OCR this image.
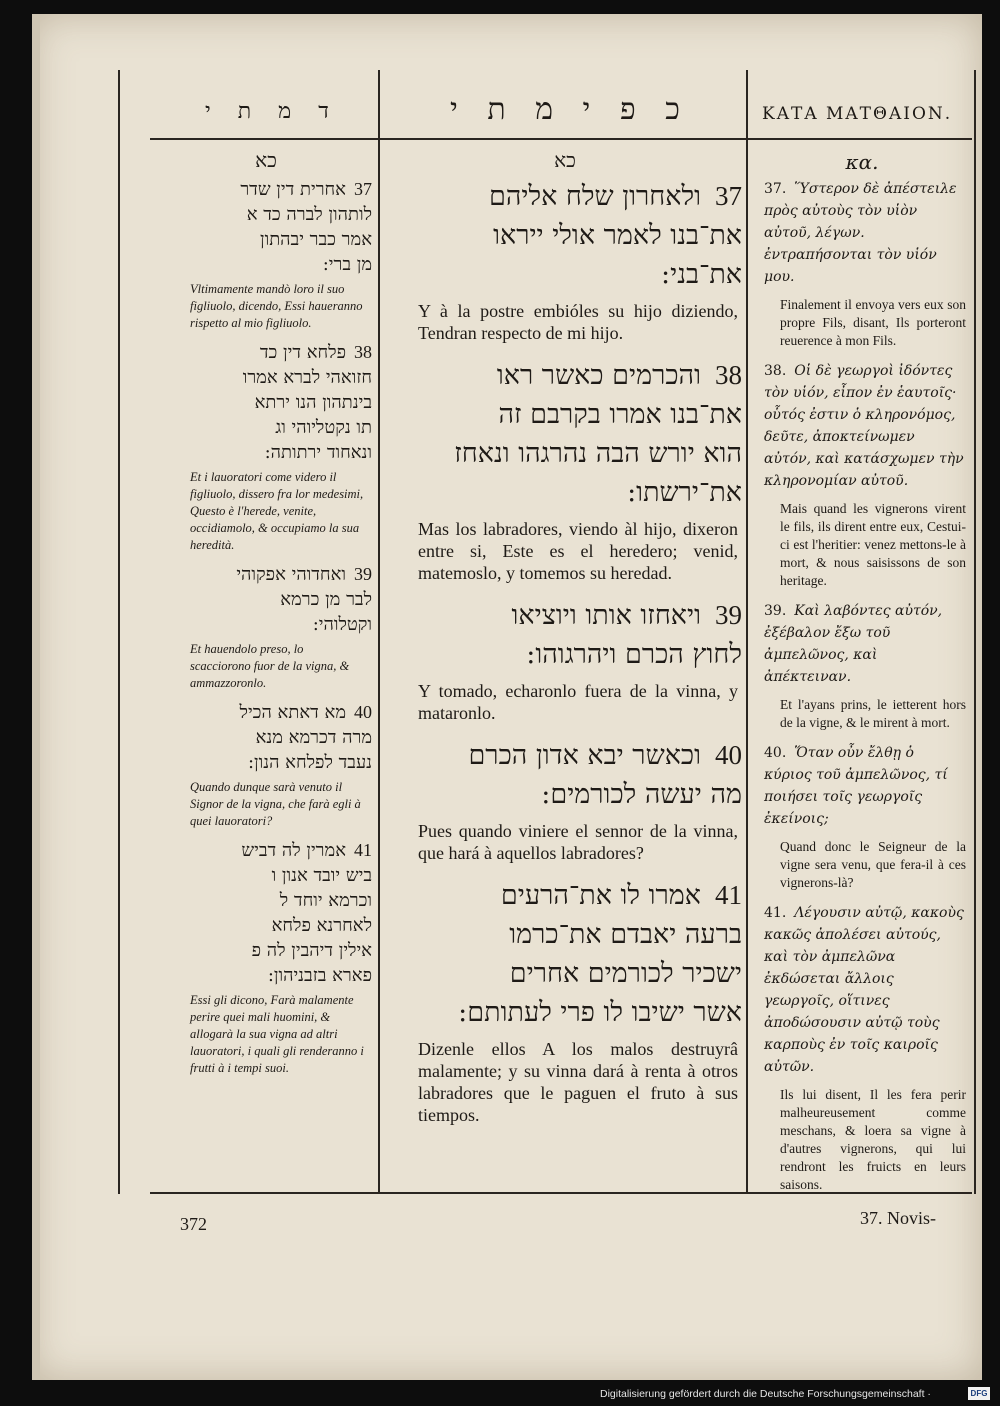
ד מ ת י	כ פ י מ ת י	ΚΑΤΑ ΜΑΤΘΑΙΟΝ.
כא
37אחרית דין שדר
לותהון לברה כד א
אמר כבר יבהתון
מן ברי:
Vltimamente mandò loro il suo figliuolo, dicendo, Essi haueranno rispetto al mio figliuolo.
38פלחא דין כד
חזואהי לברא אמרו
בינתהון הנו ירתא
תו נקטליוהי וג
ונאחוד ירתותה:
Et i lauoratori come videro il figliuolo, dissero fra lor medesimi, Questo è l'herede, venite, occidiamolo, & occupiamo la sua heredità.
39ואחדוהי אפקוהי
לבר מן כרמא
וקטלוהי:
Et hauendolo preso, lo scacciorono fuor de la vigna, & ammazzoronlo.
40מא דאתא הכיל
מרה דכרמא מנא
נעבד לפלחא הנון:
Quando dunque sarà venuto il Signor de la vigna, che farà egli à quei lauoratori?
41אמרין לה דביש
ביש יובד אנון ו
וכרמא יוחד ל
לאחרנא פלחא
אילין דיהבין לה פ
פארא בזבניהון:
Essi gli dicono, Farà malamente perire quei mali huomini, & allogarà la sua vigna ad altri lauoratori, i quali gli renderanno i frutti à i tempi suoi.
כא
37ולאחרון שלח אליהם
את־בנו לאמר אולי ייראו
את־בני:
Y à la postre embióles su hijo diziendo, Tendran respecto de mi hijo.
38והכרמים כאשר ראו
את־בנו אמרו בקרבם זה
הוא יורש הבה נהרגהו ונאחז
את־ירשתו:
Mas los labradores, viendo àl hijo, dixeron entre si, Este es el heredero; venid, matemoslo, y tomemos su heredad.
39ויאחזו אותו ויוציאו
לחוץ הכרם ויהרגוהו:
Y tomado, echaronlo fuera de la vinna, y mataronlo.
40וכאשר יבא אדון הכרם
מה יעשה לכורמים:
Pues quando viniere el sennor de la vinna, que hará à aquellos labradores?
41אמרו לו את־הרעים
ברעה יאבדם את־כרמו
ישכיר לכורמים אחרים
אשר ישיבו לו פרי לעתותם:
Dizenle ellos A los malos destruyrâ malamente; y su vinna dará à renta à otros labradores que le paguen el fruto à sus tiempos.
κα.
37. Ὕστερον δὲ ἀπέστειλε πρὸς αὐτοὺς τὸν υἱὸν αὐτοῦ, λέγων. ἐντραπήσονται τὸν υἱόν μου.
Finalement il envoya vers eux son propre Fils, disant, Ils porteront reuerence à mon Fils.
38. Οἱ δὲ γεωργοὶ ἰδόντες τὸν υἱόν, εἶπον ἐν ἑαυτοῖς· οὗτός ἐστιν ὁ κληρονόμος, δεῦτε, ἀποκτείνωμεν αὐτόν, καὶ κατάσχωμεν τὴν κληρονομίαν αὐτοῦ.
Mais quand les vignerons virent le fils, ils dirent entre eux, Cestui-ci est l'heritier: venez mettons-le à mort, & nous saisissons de son heritage.
39. Καὶ λαβόντες αὐτόν, ἐξέβαλον ἔξω τοῦ ἀμπελῶνος, καὶ ἀπέκτειναν.
Et l'ayans prins, le ietterent hors de la vigne, & le mirent à mort.
40. Ὅταν οὖν ἔλθῃ ὁ κύριος τοῦ ἀμπελῶνος, τί ποιήσει τοῖς γεωργοῖς ἐκείνοις;
Quand donc le Seigneur de la vigne sera venu, que fera-il à ces vignerons-là?
41. Λέγουσιν αὐτῷ, κακοὺς κακῶς ἀπολέσει αὐτούς, καὶ τὸν ἀμπελῶνα ἐκδώσεται ἄλλοις γεωργοῖς, οἵτινες ἀποδώσουσιν αὐτῷ τοὺς καρποὺς ἐν τοῖς καιροῖς αὐτῶν.
Ils lui disent, Il les fera perir malheureusement comme meschans, & loera sa vigne à d'autres vignerons, qui lui rendront les fruicts en leurs saisons.
372	37. Novis-
Digitalisierung gefördert durch die Deutsche Forschungsgemeinschaft ·	DFG
